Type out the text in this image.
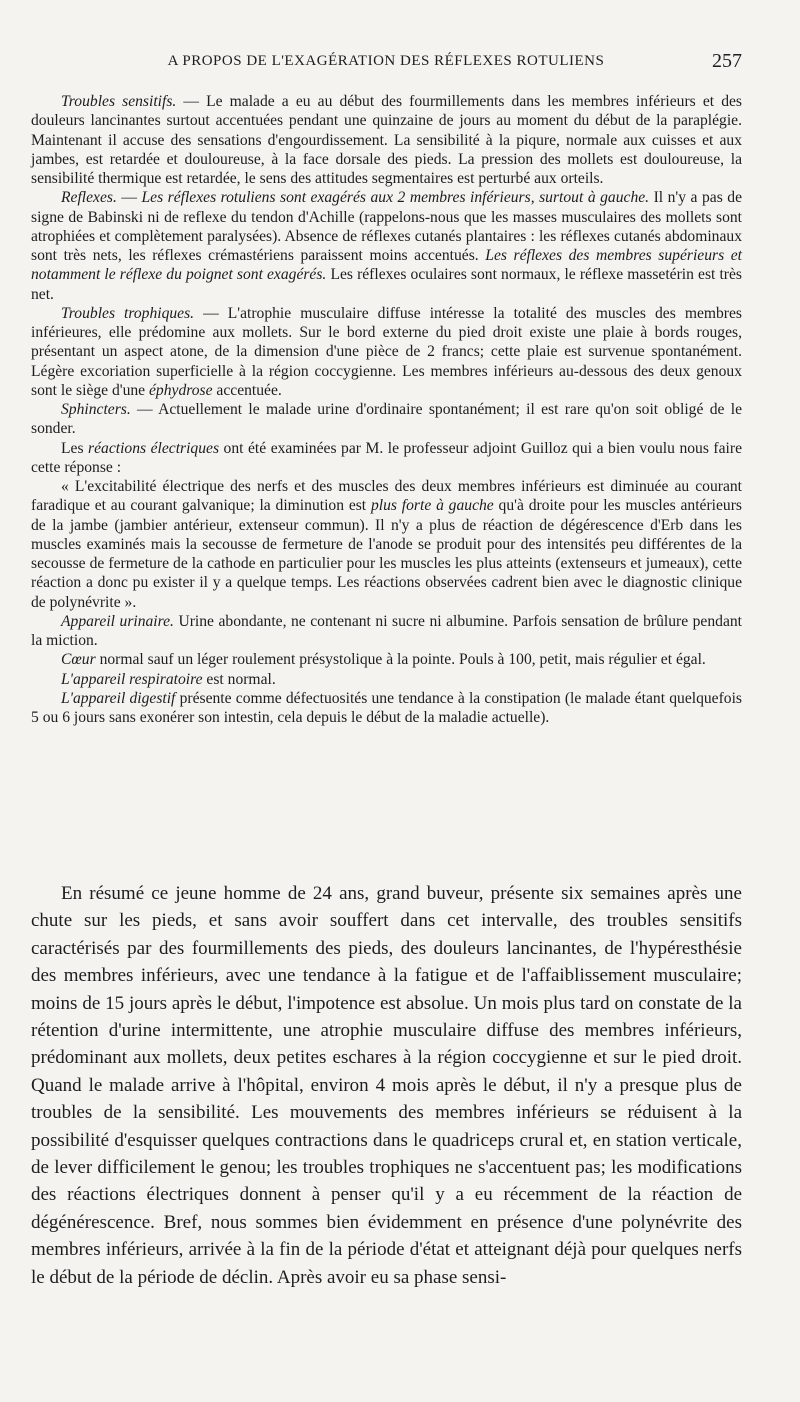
A PROPOS DE L'EXAGÉRATION DES RÉFLEXES ROTULIENS	257

Troubles sensitifs. — Le malade a eu au début des fourmillements dans les membres inférieurs et des douleurs lancinantes surtout accentuées pendant une quinzaine de jours au moment du début de la paraplégie. Maintenant il accuse des sensations d'engourdissement. La sensibilité à la piqure, normale aux cuisses et aux jambes, est retardée et douloureuse, à la face dorsale des pieds. La pression des mollets est douloureuse, la sensibilité thermique est retardée, le sens des attitudes segmentaires est perturbé aux orteils.

Reflexes. — Les réflexes rotuliens sont exagérés aux 2 membres inférieurs, surtout à gauche. Il n'y a pas de signe de Babinski ni de reflexe du tendon d'Achille (rappelons-nous que les masses musculaires des mollets sont atrophiées et complètement paralysées). Absence de réflexes cutanés plantaires : les réflexes cutanés abdominaux sont très nets, les réflexes crémastériens paraissent moins accentués. Les réflexes des membres supérieurs et notamment le réflexe du poignet sont exagérés. Les réflexes oculaires sont normaux, le réflexe massetérin est très net.

Troubles trophiques. — L'atrophie musculaire diffuse intéresse la totalité des muscles des membres inférieures, elle prédomine aux mollets. Sur le bord externe du pied droit existe une plaie à bords rouges, présentant un aspect atone, de la dimension d'une pièce de 2 francs; cette plaie est survenue spontanément. Légère excoriation superficielle à la région coccygienne. Les membres inférieurs au-dessous des deux genoux sont le siège d'une éphydrose accentuée.

Sphincters. — Actuellement le malade urine d'ordinaire spontanément; il est rare qu'on soit obligé de le sonder.

Les réactions électriques ont été examinées par M. le professeur adjoint Guilloz qui a bien voulu nous faire cette réponse :

« L'excitabilité électrique des nerfs et des muscles des deux membres inférieurs est diminuée au courant faradique et au courant galvanique; la diminution est plus forte à gauche qu'à droite pour les muscles antérieurs de la jambe (jambier antérieur, extenseur commun). Il n'y a plus de réaction de dégérescence d'Erb dans les muscles examinés mais la secousse de fermeture de l'anode se produit pour des intensités peu différentes de la secousse de fermeture de la cathode en particulier pour les muscles les plus atteints (extenseurs et jumeaux), cette réaction a donc pu exister il y a quelque temps. Les réactions observées cadrent bien avec le diagnostic clinique de polynévrite ».

Appareil urinaire. Urine abondante, ne contenant ni sucre ni albumine. Parfois sensation de brûlure pendant la miction.

Cœur normal sauf un léger roulement présystolique à la pointe. Pouls à 100, petit, mais régulier et égal.

L'appareil respiratoire est normal.

L'appareil digestif présente comme défectuosités une tendance à la constipation (le malade étant quelquefois 5 ou 6 jours sans exonérer son intestin, cela depuis le début de la maladie actuelle).

En résumé ce jeune homme de 24 ans, grand buveur, présente six semaines après une chute sur les pieds, et sans avoir souffert dans cet intervalle, des troubles sensitifs caractérisés par des fourmillements des pieds, des douleurs lancinantes, de l'hypéresthésie des membres inférieurs, avec une tendance à la fatigue et de l'affaiblissement musculaire; moins de 15 jours après le début, l'impotence est absolue. Un mois plus tard on constate de la rétention d'urine intermittente, une atrophie musculaire diffuse des membres inférieurs, prédominant aux mollets, deux petites eschares à la région coccygienne et sur le pied droit. Quand le malade arrive à l'hôpital, environ 4 mois après le début, il n'y a presque plus de troubles de la sensibilité. Les mouvements des membres inférieurs se réduisent à la possibilité d'esquisser quelques contractions dans le quadriceps crural et, en station verticale, de lever difficilement le genou; les troubles trophiques ne s'accentuent pas; les modifications des réactions électriques donnent à penser qu'il y a eu récemment de la réaction de dégénérescence. Bref, nous sommes bien évidemment en présence d'une polynévrite des membres inférieurs, arrivée à la fin de la période d'état et atteignant déjà pour quelques nerfs le début de la période de déclin. Après avoir eu sa phase sensi-
